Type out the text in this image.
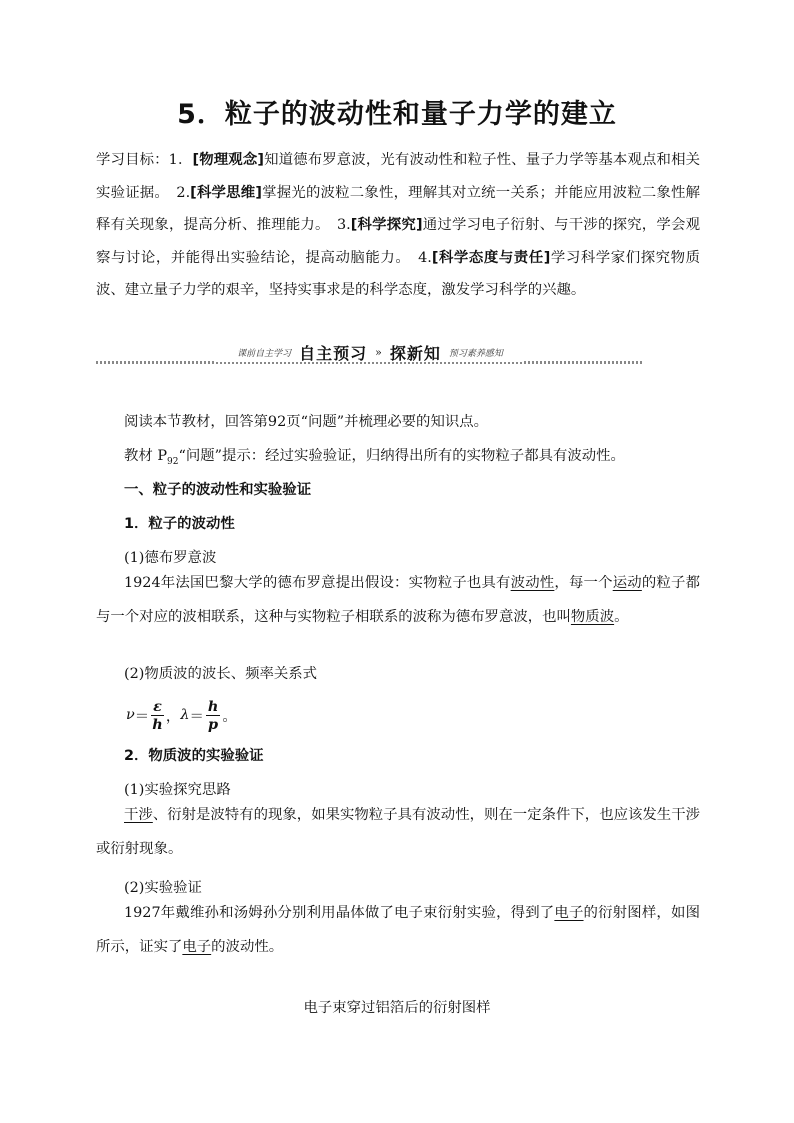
5．粒子的波动性和量子力学的建立
学习目标：1．[物理观念]知道德布罗意波，光有波动性和粒子性、量子力学等基本观点和相关实验证据。　2.[科学思维]掌握光的波粒二象性，理解其对立统一关系；并能应用波粒二象性解释有关现象，提高分析、推理能力。　3.[科学探究]通过学习电子衍射、与干涉的探究，学会观察与讨论，并能得出实验结论，提高动脑能力。　4.[科学态度与责任]学习科学家们探究物质波、建立量子力学的艰辛，坚持实事求是的科学态度，激发学习科学的兴趣。
课前自主学习 自主预习 » 探新知 预习素养感知
阅读本节教材，回答第92页“问题”并梳理必要的知识点。
教材 $P_{92}“$问题”提示：经过实验验证，归纳得出所有的实物粒子都具有波动性。
一、粒子的波动性和实验验证
1．粒子的波动性
(1)德布罗意波
1924年法国巴黎大学的德布罗意提出假设：实物粒子也具有波动性，每一个运动的粒子都与一个对应的波相联系，这种与实物粒子相联系的波称为德布罗意波，也叫物质波。
(2)物质波的波长、频率关系式
$\nu = \frac{\varepsilon}{h}$ ， $\lambda = \frac{h}{p}$ 。
2．物质波的实验验证
(1)实验探究思路
干涉、衍射是波特有的现象，如果实物粒子具有波动性，则在一定条件下，也应该发生干涉或衍射现象。
(2)实验验证
1927年戴维孙和汤姆孙分别利用晶体做了电子束衍射实验，得到了电子的衍射图样，如图所示，证实了电子的波动性。
电子束穿过铝箔后的衍射图样
